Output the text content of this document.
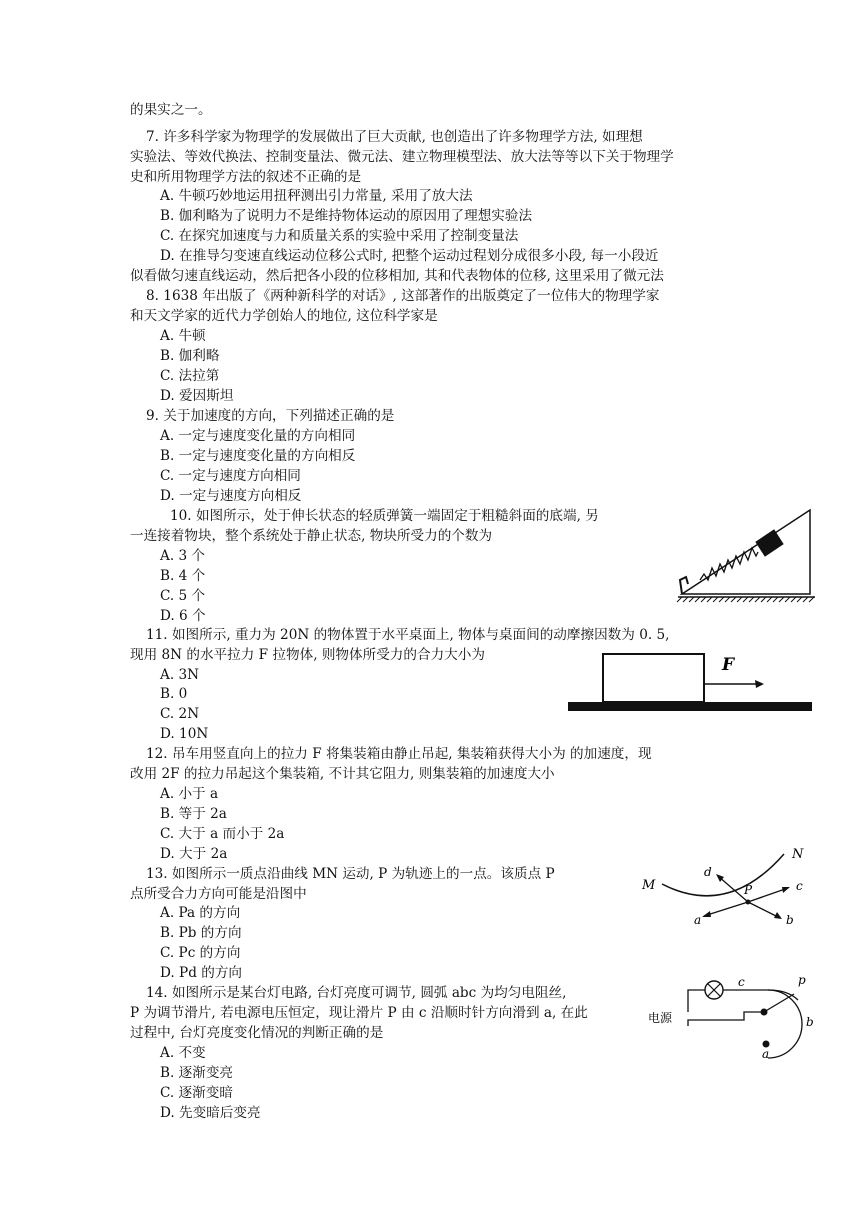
的果实之一。
7. 许多科学家为物理学的发展做出了巨大贡献, 也创造出了许多物理学方法, 如理想
实验法、等效代换法、控制变量法、微元法、建立物理模型法、放大法等等以下关于物理学
史和所用物理学方法的叙述不正确的是
A. 牛顿巧妙地运用扭秤测出引力常量, 采用了放大法
B. 伽利略为了说明力不是维持物体运动的原因用了理想实验法
C. 在探究加速度与力和质量关系的实验中采用了控制变量法
D. 在推导匀变速直线运动位移公式时, 把整个运动过程划分成很多小段, 每一小段近
似看做匀速直线运动，然后把各小段的位移相加, 其和代表物体的位移, 这里采用了微元法
8. 1638 年出版了《两种新科学的对话》, 这部著作的出版奠定了一位伟大的物理学家
和天文学家的近代力学创始人的地位, 这位科学家是
A. 牛顿
B. 伽利略
C. 法拉第
D. 爱因斯坦
9. 关于加速度的方向，下列描述正确的是
A. 一定与速度变化量的方向相同
B. 一定与速度变化量的方向相反
C. 一定与速度方向相同
D. 一定与速度方向相反
10. 如图所示，处于伸长状态的轻质弹簧一端固定于粗糙斜面的底端, 另
一连接着物块，整个系统处于静止状态, 物块所受力的个数为
A. 3 个
B. 4 个
C. 5 个
D. 6 个
11. 如图所示, 重力为 20N 的物体置于水平桌面上, 物体与桌面间的动摩擦因数为 0. 5,
现用 8N 的水平拉力 F 拉物体, 则物体所受力的合力大小为
A. 3N
B. 0
C. 2N
D. 10N
12. 吊车用竖直向上的拉力 F 将集装箱由静止吊起, 集装箱获得大小为 的加速度，现
改用 2F 的拉力吊起这个集装箱, 不计其它阻力, 则集装箱的加速度大小
A. 小于 a
B. 等于 2a
C. 大于 a 而小于 2a
D. 大于 2a
13. 如图所示一质点沿曲线 MN 运动, P 为轨迹上的一点。该质点 P
点所受合力方向可能是沿图中
A. Pa 的方向
B. Pb 的方向
C. Pc 的方向
D. Pd 的方向
14. 如图所示是某台灯电路, 台灯亮度可调节, 圆弧 abc 为均匀电阻丝,
P 为调节滑片, 若电源电压恒定，现让滑片 P 由 c 沿顺时针方向滑到 a, 在此
过程中, 台灯亮度变化情况的判断正确的是
A. 不变
B. 逐渐变亮
C. 逐渐变暗
D. 先变暗后变亮
F
M
N
P
a	b
c
d
电源
c	p
b
a
